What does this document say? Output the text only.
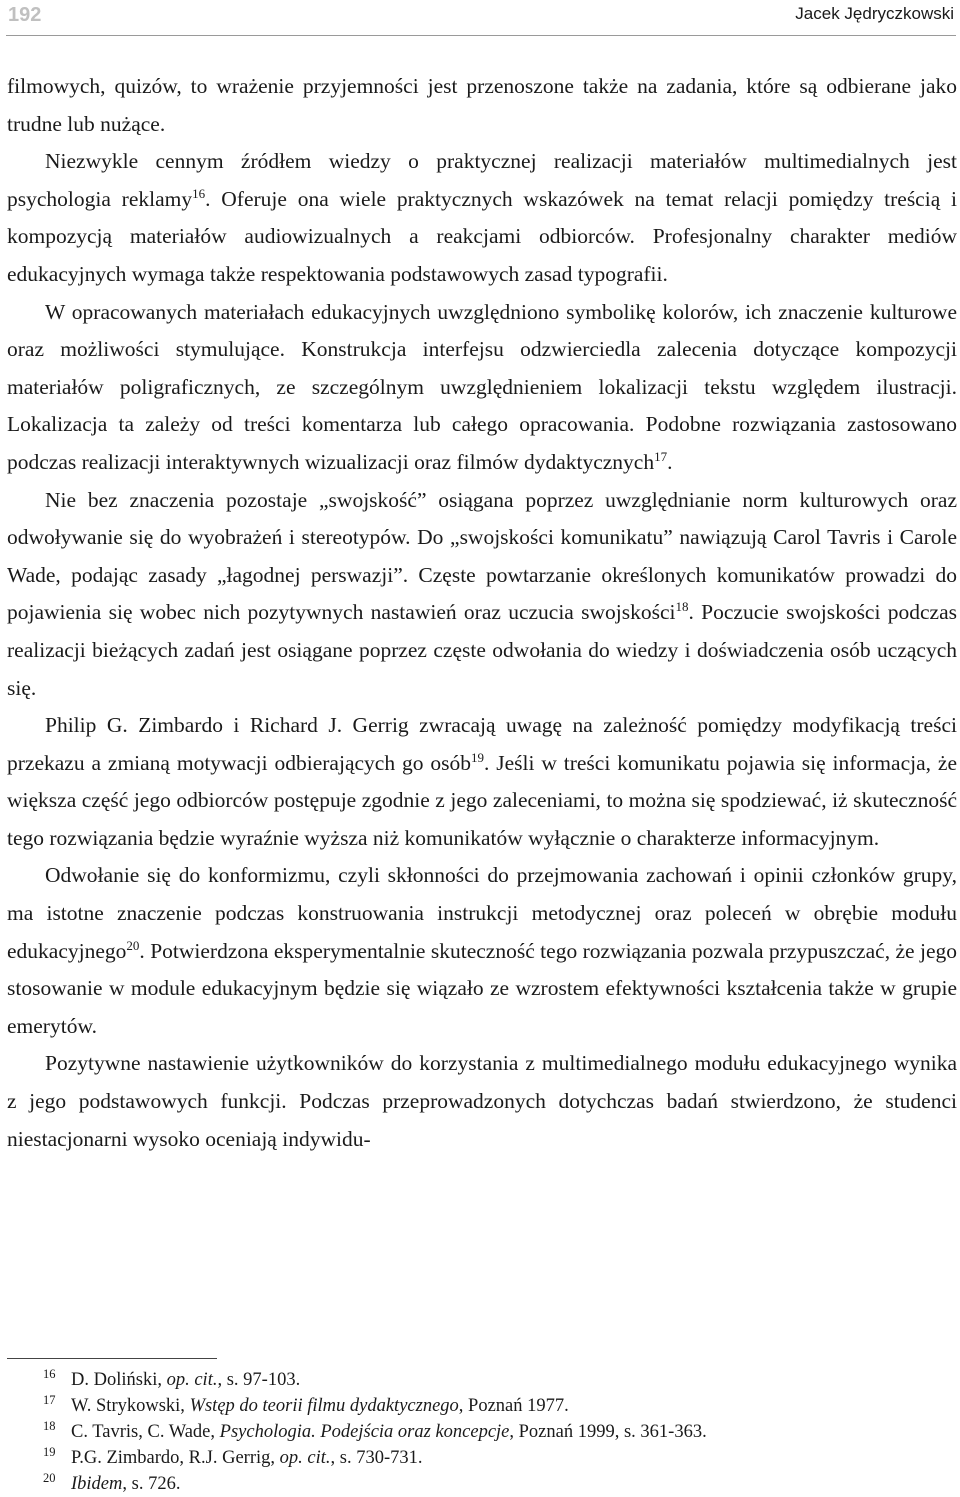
192	Jacek Jędryczkowski

filmowych, quizów, to wrażenie przyjemności jest przenoszone także na zadania, które są odbierane jako trudne lub nużące.

Niezwykle cennym źródłem wiedzy o praktycznej realizacji materiałów multimedialnych jest psychologia reklamy$^{16}$. Oferuje ona wiele praktycznych wskazówek na temat relacji pomiędzy treścią i kompozycją materiałów audiowizualnych a reakcjami odbiorców. Profesjonalny charakter mediów edukacyjnych wymaga także respektowania podstawowych zasad typografii.

W opracowanych materiałach edukacyjnych uwzględniono symbolikę kolorów, ich znaczenie kulturowe oraz możliwości stymulujące. Konstrukcja interfejsu odzwierciedla zalecenia dotyczące kompozycji materiałów poligraficznych, ze szczególnym uwzględnieniem lokalizacji tekstu względem ilustracji. Lokalizacja ta zależy od treści komentarza lub całego opracowania. Podobne rozwiązania zastosowano podczas realizacji interaktywnych wizualizacji oraz filmów dydaktycznych$^{17}$.

Nie bez znaczenia pozostaje „swojskość” osiągana poprzez uwzględnianie norm kulturowych oraz odwoływanie się do wyobrażeń i stereotypów. Do „swojskości komunikatu” nawiązują Carol Tavris i Carole Wade, podając zasady „łagodnej perswazji”. Częste powtarzanie określonych komunikatów prowadzi do pojawienia się wobec nich pozytywnych nastawień oraz uczucia swojskości$^{18}$. Poczucie swojskości podczas realizacji bieżących zadań jest osiągane poprzez częste odwołania do wiedzy i doświadczenia osób uczących się.

Philip G. Zimbardo i Richard J. Gerrig zwracają uwagę na zależność pomiędzy modyfikacją treści przekazu a zmianą motywacji odbierających go osób$^{19}$. Jeśli w treści komunikatu pojawia się informacja, że większa część jego odbiorców postępuje zgodnie z jego zaleceniami, to można się spodziewać, iż skuteczność tego rozwiązania będzie wyraźnie wyższa niż komunikatów wyłącznie o charakterze informacyjnym.

Odwołanie się do konformizmu, czyli skłonności do przejmowania zachowań i opinii członków grupy, ma istotne znaczenie podczas konstruowania instrukcji metodycznej oraz poleceń w obrębie modułu edukacyjnego$^{20}$. Potwierdzona eksperymentalnie skuteczność tego rozwiązania pozwala przypuszczać, że jego stosowanie w module edukacyjnym będzie się wiązało ze wzrostem efektywności kształcenia także w grupie emerytów.

Pozytywne nastawienie użytkowników do korzystania z multimedialnego modułu edukacyjnego wynika z jego podstawowych funkcji. Podczas przeprowadzonych dotychczas badań stwierdzono, że studenci niestacjonarni wysoko oceniają indywidu-

16 D. Doliński, op. cit., s. 97-103.
17 W. Strykowski, Wstęp do teorii filmu dydaktycznego, Poznań 1977.
18 C. Tavris, C. Wade, Psychologia. Podejścia oraz koncepcje, Poznań 1999, s. 361-363.
19 P.G. Zimbardo, R.J. Gerrig, op. cit., s. 730-731.
20 Ibidem, s. 726.
